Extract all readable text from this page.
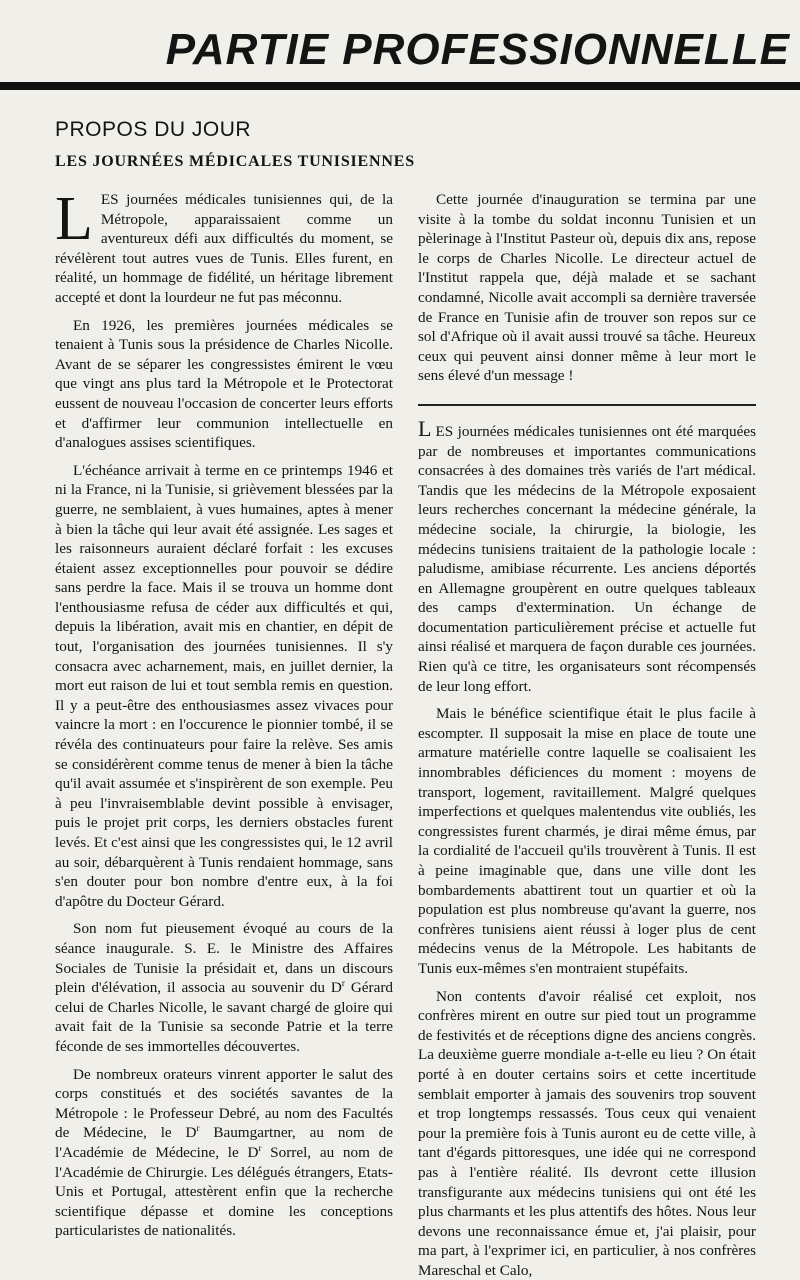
PARTIE PROFESSIONNELLE
PROPOS DU JOUR
LES JOURNÉES MÉDICALES TUNISIENNES

LES journées médicales tunisiennes qui, de la Métropole, apparaissaient comme un aventureux défi aux difficultés du moment, se révélèrent tout autres vues de Tunis. Elles furent, en réalité, un hommage de fidélité, un héritage librement accepté et dont la lourdeur ne fut pas méconnu.

En 1926, les premières journées médicales se tenaient à Tunis sous la présidence de Charles Nicolle. Avant de se séparer les congressistes émirent le vœu que vingt ans plus tard la Métropole et le Protectorat eussent de nouveau l'occasion de concerter leurs efforts et d'affirmer leur communion intellectuelle en d'analogues assises scientifiques.

L'échéance arrivait à terme en ce printemps 1946 et ni la France, ni la Tunisie, si grièvement blessées par la guerre, ne semblaient, à vues humaines, aptes à mener à bien la tâche qui leur avait été assignée. Les sages et les raisonneurs auraient déclaré forfait : les excuses étaient assez exceptionnelles pour pouvoir se dédire sans perdre la face. Mais il se trouva un homme dont l'enthousiasme refusa de céder aux difficultés et qui, depuis la libération, avait mis en chantier, en dépit de tout, l'organisation des journées tunisiennes. Il s'y consacra avec acharnement, mais, en juillet dernier, la mort eut raison de lui et tout sembla remis en question. Il y a peut-être des enthousiasmes assez vivaces pour vaincre la mort : en l'occurence le pionnier tombé, il se révéla des continuateurs pour faire la relève. Ses amis se considérèrent comme tenus de mener à bien la tâche qu'il avait assumée et s'inspirèrent de son exemple. Peu à peu l'invraisemblable devint possible à envisager, puis le projet prit corps, les derniers obstacles furent levés. Et c'est ainsi que les congressistes qui, le 12 avril au soir, débarquèrent à Tunis rendaient hommage, sans s'en douter pour bon nombre d'entre eux, à la foi d'apôtre du Docteur Gérard.

Son nom fut pieusement évoqué au cours de la séance inaugurale. S. E. le Ministre des Affaires Sociales de Tunisie la présidait et, dans un discours plein d'élévation, il associa au souvenir du $D^r$ Gérard celui de Charles Nicolle, le savant chargé de gloire qui avait fait de la Tunisie sa seconde Patrie et la terre féconde de ses immortelles découvertes.

De nombreux orateurs vinrent apporter le salut des corps constitués et des sociétés savantes de la Métropole : le Professeur Debré, au nom des Facultés de Médecine, le $D^r$ Baumgartner, au nom de l'Académie de Médecine, le $D^r$ Sorrel, au nom de l'Académie de Chirurgie. Les délégués étrangers, Etats-Unis et Portugal, attestèrent enfin que la recherche scientifique dépasse et domine les conceptions particularistes de nationalités.

Cette journée d'inauguration se termina par une visite à la tombe du soldat inconnu Tunisien et un pèlerinage à l'Institut Pasteur où, depuis dix ans, repose le corps de Charles Nicolle. Le directeur actuel de l'Institut rappela que, déjà malade et se sachant condamné, Nicolle avait accompli sa dernière traversée de France en Tunisie afin de trouver son repos sur ce sol d'Afrique où il avait aussi trouvé sa tâche. Heureux ceux qui peuvent ainsi donner même à leur mort le sens élevé d'un message !

L ES journées médicales tunisiennes ont été marquées par de nombreuses et importantes communications consacrées à des domaines très variés de l'art médical. Tandis que les médecins de la Métropole exposaient leurs recherches concernant la médecine générale, la médecine sociale, la chirurgie, la biologie, les médecins tunisiens traitaient de la pathologie locale : paludisme, amibiase récurrente. Les anciens déportés en Allemagne groupèrent en outre quelques tableaux des camps d'extermination. Un échange de documentation particulièrement précise et actuelle fut ainsi réalisé et marquera de façon durable ces journées. Rien qu'à ce titre, les organisateurs sont récompensés de leur long effort.

Mais le bénéfice scientifique était le plus facile à escompter. Il supposait la mise en place de toute une armature matérielle contre laquelle se coalisaient les innombrables déficiences du moment : moyens de transport, logement, ravitaillement. Malgré quelques imperfections et quelques malentendus vite oubliés, les congressistes furent charmés, je dirai même émus, par la cordialité de l'accueil qu'ils trouvèrent à Tunis. Il est à peine imaginable que, dans une ville dont les bombardements abattirent tout un quartier et où la population est plus nombreuse qu'avant la guerre, nos confrères tunisiens aient réussi à loger plus de cent médecins venus de la Métropole. Les habitants de Tunis eux-mêmes s'en montraient stupéfaits.

Non contents d'avoir réalisé cet exploit, nos confrères mirent en outre sur pied tout un programme de festivités et de réceptions digne des anciens congrès. La deuxième guerre mondiale a-t-elle eu lieu ? On était porté à en douter certains soirs et cette incertitude semblait emporter à jamais des souvenirs trop souvent et trop longtemps ressassés. Tous ceux qui venaient pour la première fois à Tunis auront eu de cette ville, à tant d'égards pittoresques, une idée qui ne correspond pas à l'entière réalité. Ils devront cette illusion transfigurante aux médecins tunisiens qui ont été les plus charmants et les plus attentifs des hôtes. Nous leur devons une reconnaissance émue et, j'ai plaisir, pour ma part, à l'exprimer ici, en particulier, à nos confrères Mareschal et Calo,
